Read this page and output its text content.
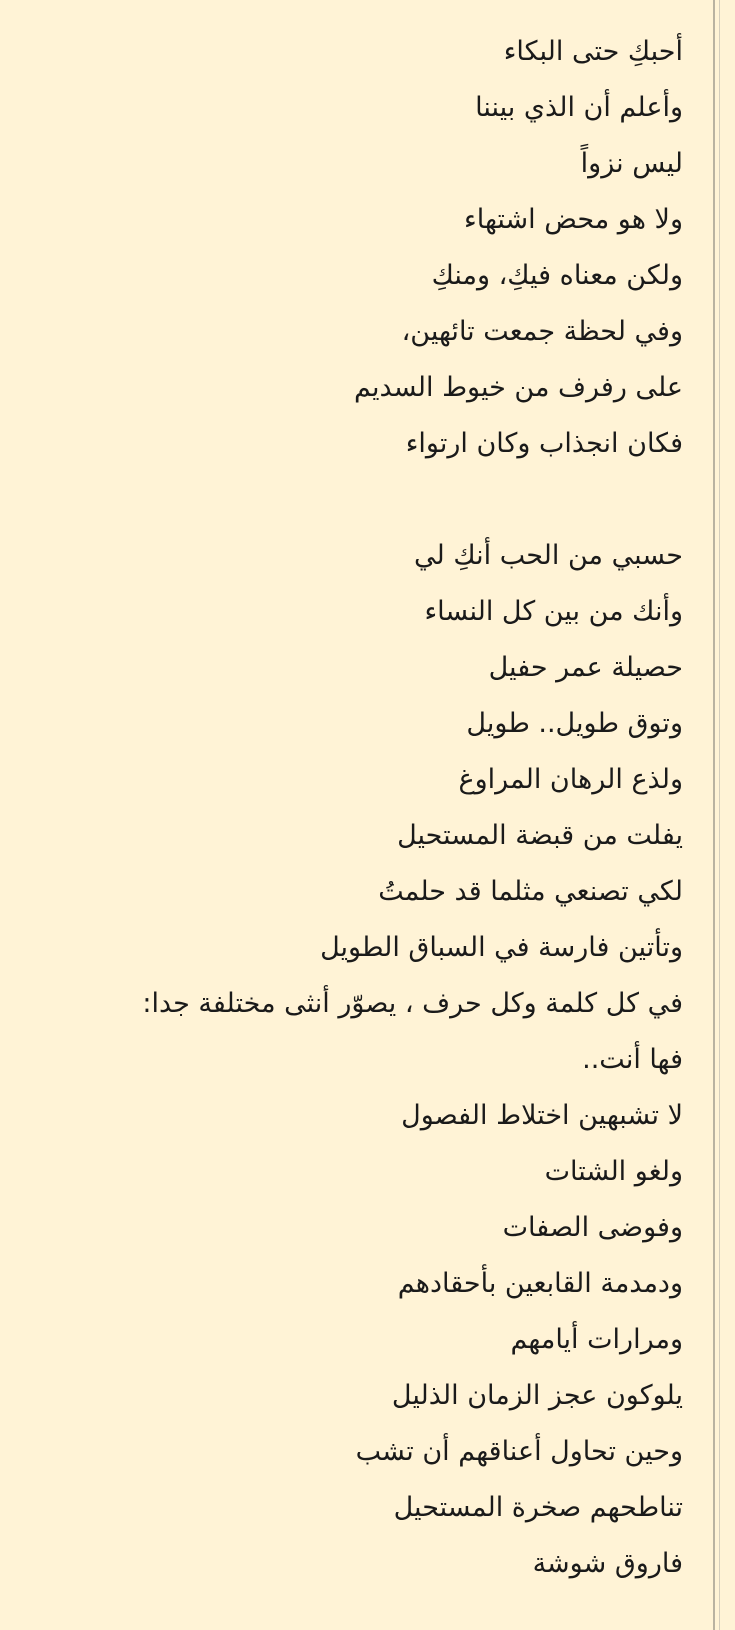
أحبكِ حتى البكاء
وأعلم أن الذي بيننا
ليس نزواً
ولا هو محض اشتهاء
ولكن معناه فيكِ، ومنكِ
وفي لحظة جمعت تائهين،
على رفرف من خيوط السديم
فكان انجذاب وكان ارتواء
حسبي من الحب أنكِ لي
وأنك من بين كل النساء
حصيلة عمر حفيل
وتوق طويل.. طويل
ولذع الرهان المراوغ
يفلت من قبضة المستحيل
لكي تصنعي مثلما قد حلمتُ
وتأتين فارسة في السباق الطويل
في كل كلمة وكل حرف ، يصوّر أنثى مختلفة جدا:
فها أنت..
لا تشبهين اختلاط الفصول
ولغو الشتات
وفوضى الصفات
ودمدمة القابعين بأحقادهم
ومرارات أيامهم
يلوكون عجز الزمان الذليل
وحين تحاول أعناقهم أن تشب
تناطحهم صخرة المستحيل
فاروق شوشة
